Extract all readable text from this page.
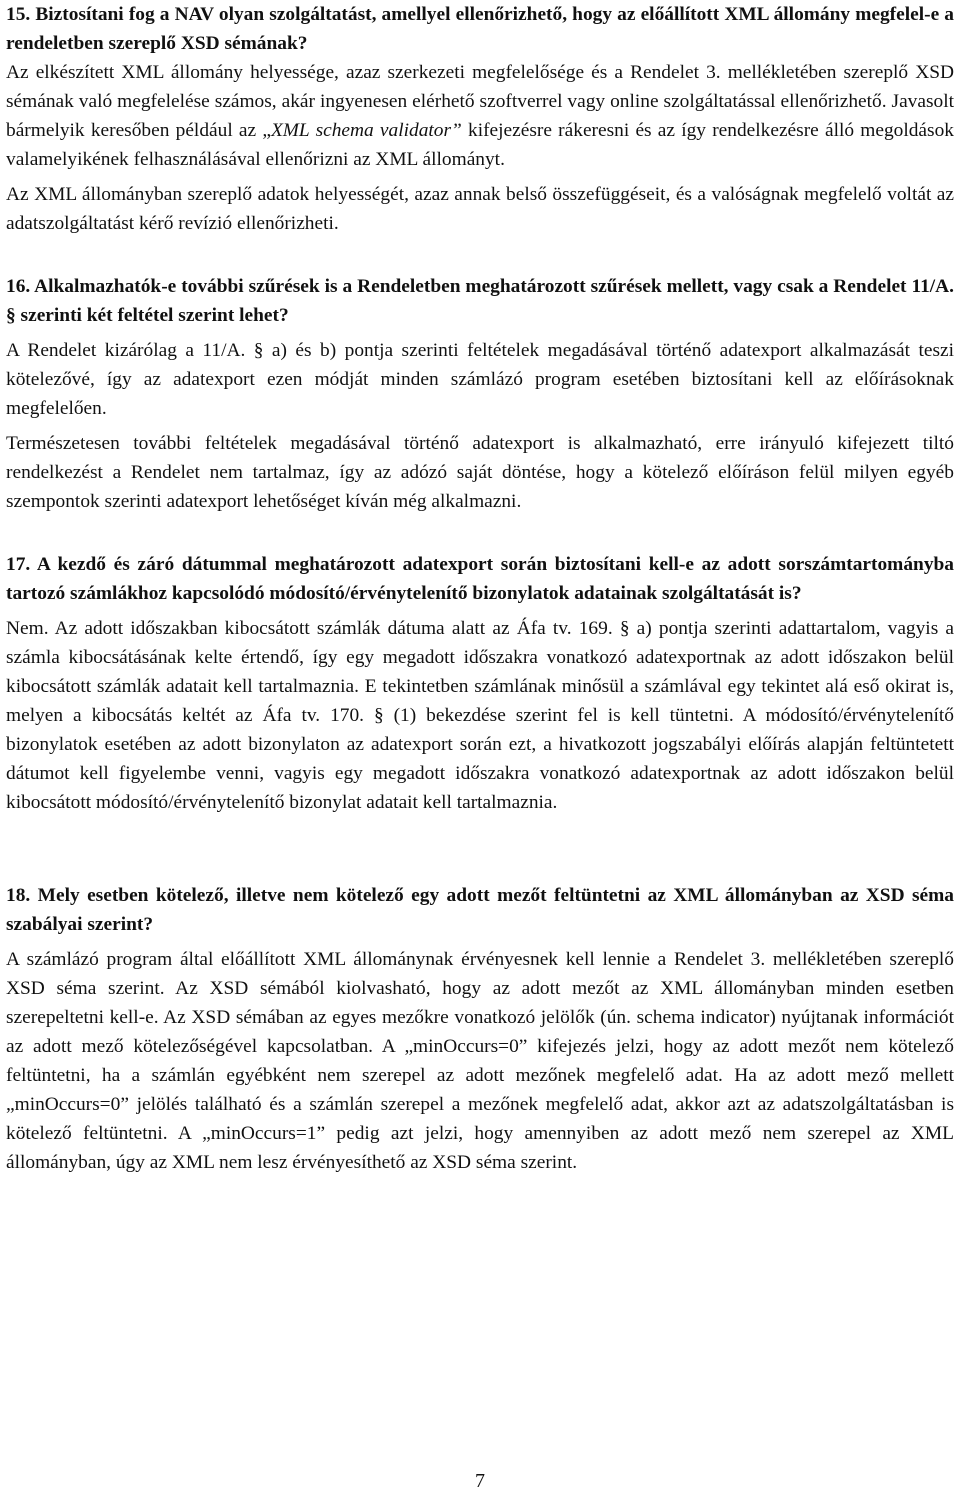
15. Biztosítani fog a NAV olyan szolgáltatást, amellyel ellenőrizhető, hogy az előállított XML állomány megfelel-e a rendeletben szereplő XSD sémának?

Az elkészített XML állomány helyessége, azaz szerkezeti megfelelősége és a Rendelet 3. mellékletében szereplő XSD sémának való megfelelése számos, akár ingyenesen elérhető szoftverrel vagy online szolgáltatással ellenőrizhető. Javasolt bármelyik keresőben például az „XML schema validator” kifejezésre rákeresni és az így rendelkezésre álló megoldások valamelyikének felhasználásával ellenőrizni az XML állományt.

Az XML állományban szereplő adatok helyességét, azaz annak belső összefüggéseit, és a valóságnak megfelelő voltát az adatszolgáltatást kérő revízió ellenőrizheti.

16. Alkalmazhatók-e további szűrések is a Rendeletben meghatározott szűrések mellett, vagy csak a Rendelet 11/A. § szerinti két feltétel szerint lehet?

A Rendelet kizárólag a 11/A. § a) és b) pontja szerinti feltételek megadásával történő adatexport alkalmazását teszi kötelezővé, így az adatexport ezen módját minden számlázó program esetében biztosítani kell az előírásoknak megfelelően.

Természetesen további feltételek megadásával történő adatexport is alkalmazható, erre irányuló kifejezett tiltó rendelkezést a Rendelet nem tartalmaz, így az adózó saját döntése, hogy a kötelező előíráson felül milyen egyéb szempontok szerinti adatexport lehetőséget kíván még alkalmazni.

17. A kezdő és záró dátummal meghatározott adatexport során biztosítani kell-e az adott sorszámtartományba tartozó számlákhoz kapcsolódó módosító/érvénytelenítő bizonylatok adatainak szolgáltatását is?

Nem. Az adott időszakban kibocsátott számlák dátuma alatt az Áfa tv. 169. § a) pontja szerinti adattartalom, vagyis a számla kibocsátásának kelte értendő, így egy megadott időszakra vonatkozó adatexportnak az adott időszakon belül kibocsátott számlák adatait kell tartalmaznia. E tekintetben számlának minősül a számlával egy tekintet alá eső okirat is, melyen a kibocsátás keltét az Áfa tv. 170. § (1) bekezdése szerint fel is kell tüntetni. A módosító/érvénytelenítő bizonylatok esetében az adott bizonylaton az adatexport során ezt, a hivatkozott jogszabályi előírás alapján feltüntetett dátumot kell figyelembe venni, vagyis egy megadott időszakra vonatkozó adatexportnak az adott időszakon belül kibocsátott módosító/érvénytelenítő bizonylat adatait kell tartalmaznia.

18. Mely esetben kötelező, illetve nem kötelező egy adott mezőt feltüntetni az XML állományban az XSD séma szabályai szerint?

A számlázó program által előállított XML állománynak érvényesnek kell lennie a Rendelet 3. mellékletében szereplő XSD séma szerint. Az XSD sémából kiolvasható, hogy az adott mezőt az XML állományban minden esetben szerepeltetni kell-e. Az XSD sémában az egyes mezőkre vonatkozó jelölők (ún. schema indicator) nyújtanak információt az adott mező kötelezőségével kapcsolatban. A „minOccurs=0” kifejezés jelzi, hogy az adott mezőt nem kötelező feltüntetni, ha a számlán egyébként nem szerepel az adott mezőnek megfelelő adat. Ha az adott mező mellett „minOccurs=0” jelölés található és a számlán szerepel a mezőnek megfelelő adat, akkor azt az adatszolgáltatásban is kötelező feltüntetni. A „minOccurs=1” pedig azt jelzi, hogy amennyiben az adott mező nem szerepel az XML állományban, úgy az XML nem lesz érvényesíthető az XSD séma szerint.

7
